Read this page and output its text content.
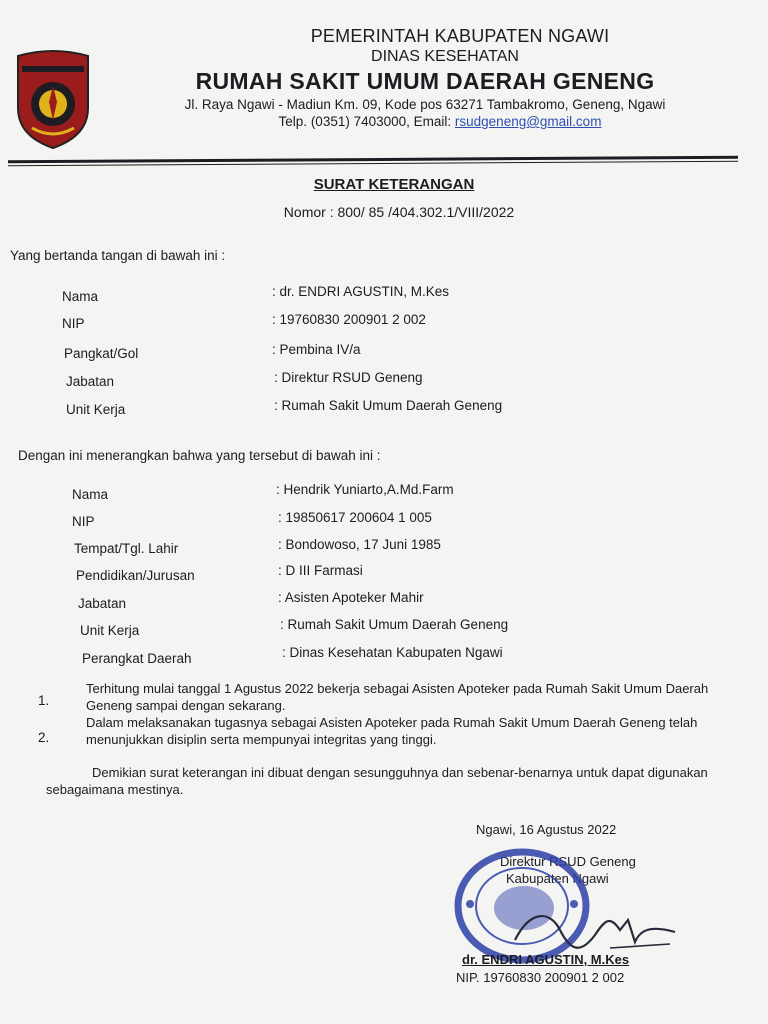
PEMERINTAH KABUPATEN NGAWI
DINAS KESEHATAN
RUMAH SAKIT UMUM DAERAH GENENG
Jl. Raya Ngawi - Madiun Km. 09, Kode pos 63271 Tambakromo, Geneng, Ngawi
Telp. (0351) 7403000, Email: rsudgeneng@gmail.com
SURAT KETERANGAN
Nomor : 800/ 85 /404.302.1/VIII/2022
Yang bertanda tangan di bawah ini :
Nama	: dr. ENDRI AGUSTIN, M.Kes
NIP	: 19760830 200901 2 002
Pangkat/Gol	: Pembina IV/a
Jabatan	: Direktur RSUD Geneng
Unit Kerja	: Rumah Sakit Umum Daerah Geneng
Dengan ini menerangkan bahwa yang tersebut di bawah ini :
Nama	: Hendrik Yuniarto,A.Md.Farm
NIP	: 19850617 200604 1 005
Tempat/Tgl. Lahir	: Bondowoso, 17 Juni 1985
Pendidikan/Jurusan	: D III Farmasi
Jabatan	: Asisten Apoteker Mahir
Unit Kerja	: Rumah Sakit Umum Daerah Geneng
Perangkat Daerah	: Dinas Kesehatan Kabupaten Ngawi
1.
Terhitung mulai tanggal 1 Agustus 2022 bekerja sebagai Asisten Apoteker pada Rumah Sakit Umum Daerah Geneng sampai dengan sekarang.
2.
Dalam melaksanakan tugasnya sebagai Asisten Apoteker pada Rumah Sakit Umum Daerah Geneng telah menunjukkan disiplin serta mempunyai integritas yang tinggi.
Demikian surat keterangan ini dibuat dengan sesungguhnya dan sebenar-benarnya untuk dapat digunakan sebagaimana mestinya.
Ngawi, 16 Agustus 2022
Direktur RSUD Geneng
Kabupaten Ngawi
dr. ENDRI AGUSTIN, M.Kes
NIP. 19760830 200901 2 002
